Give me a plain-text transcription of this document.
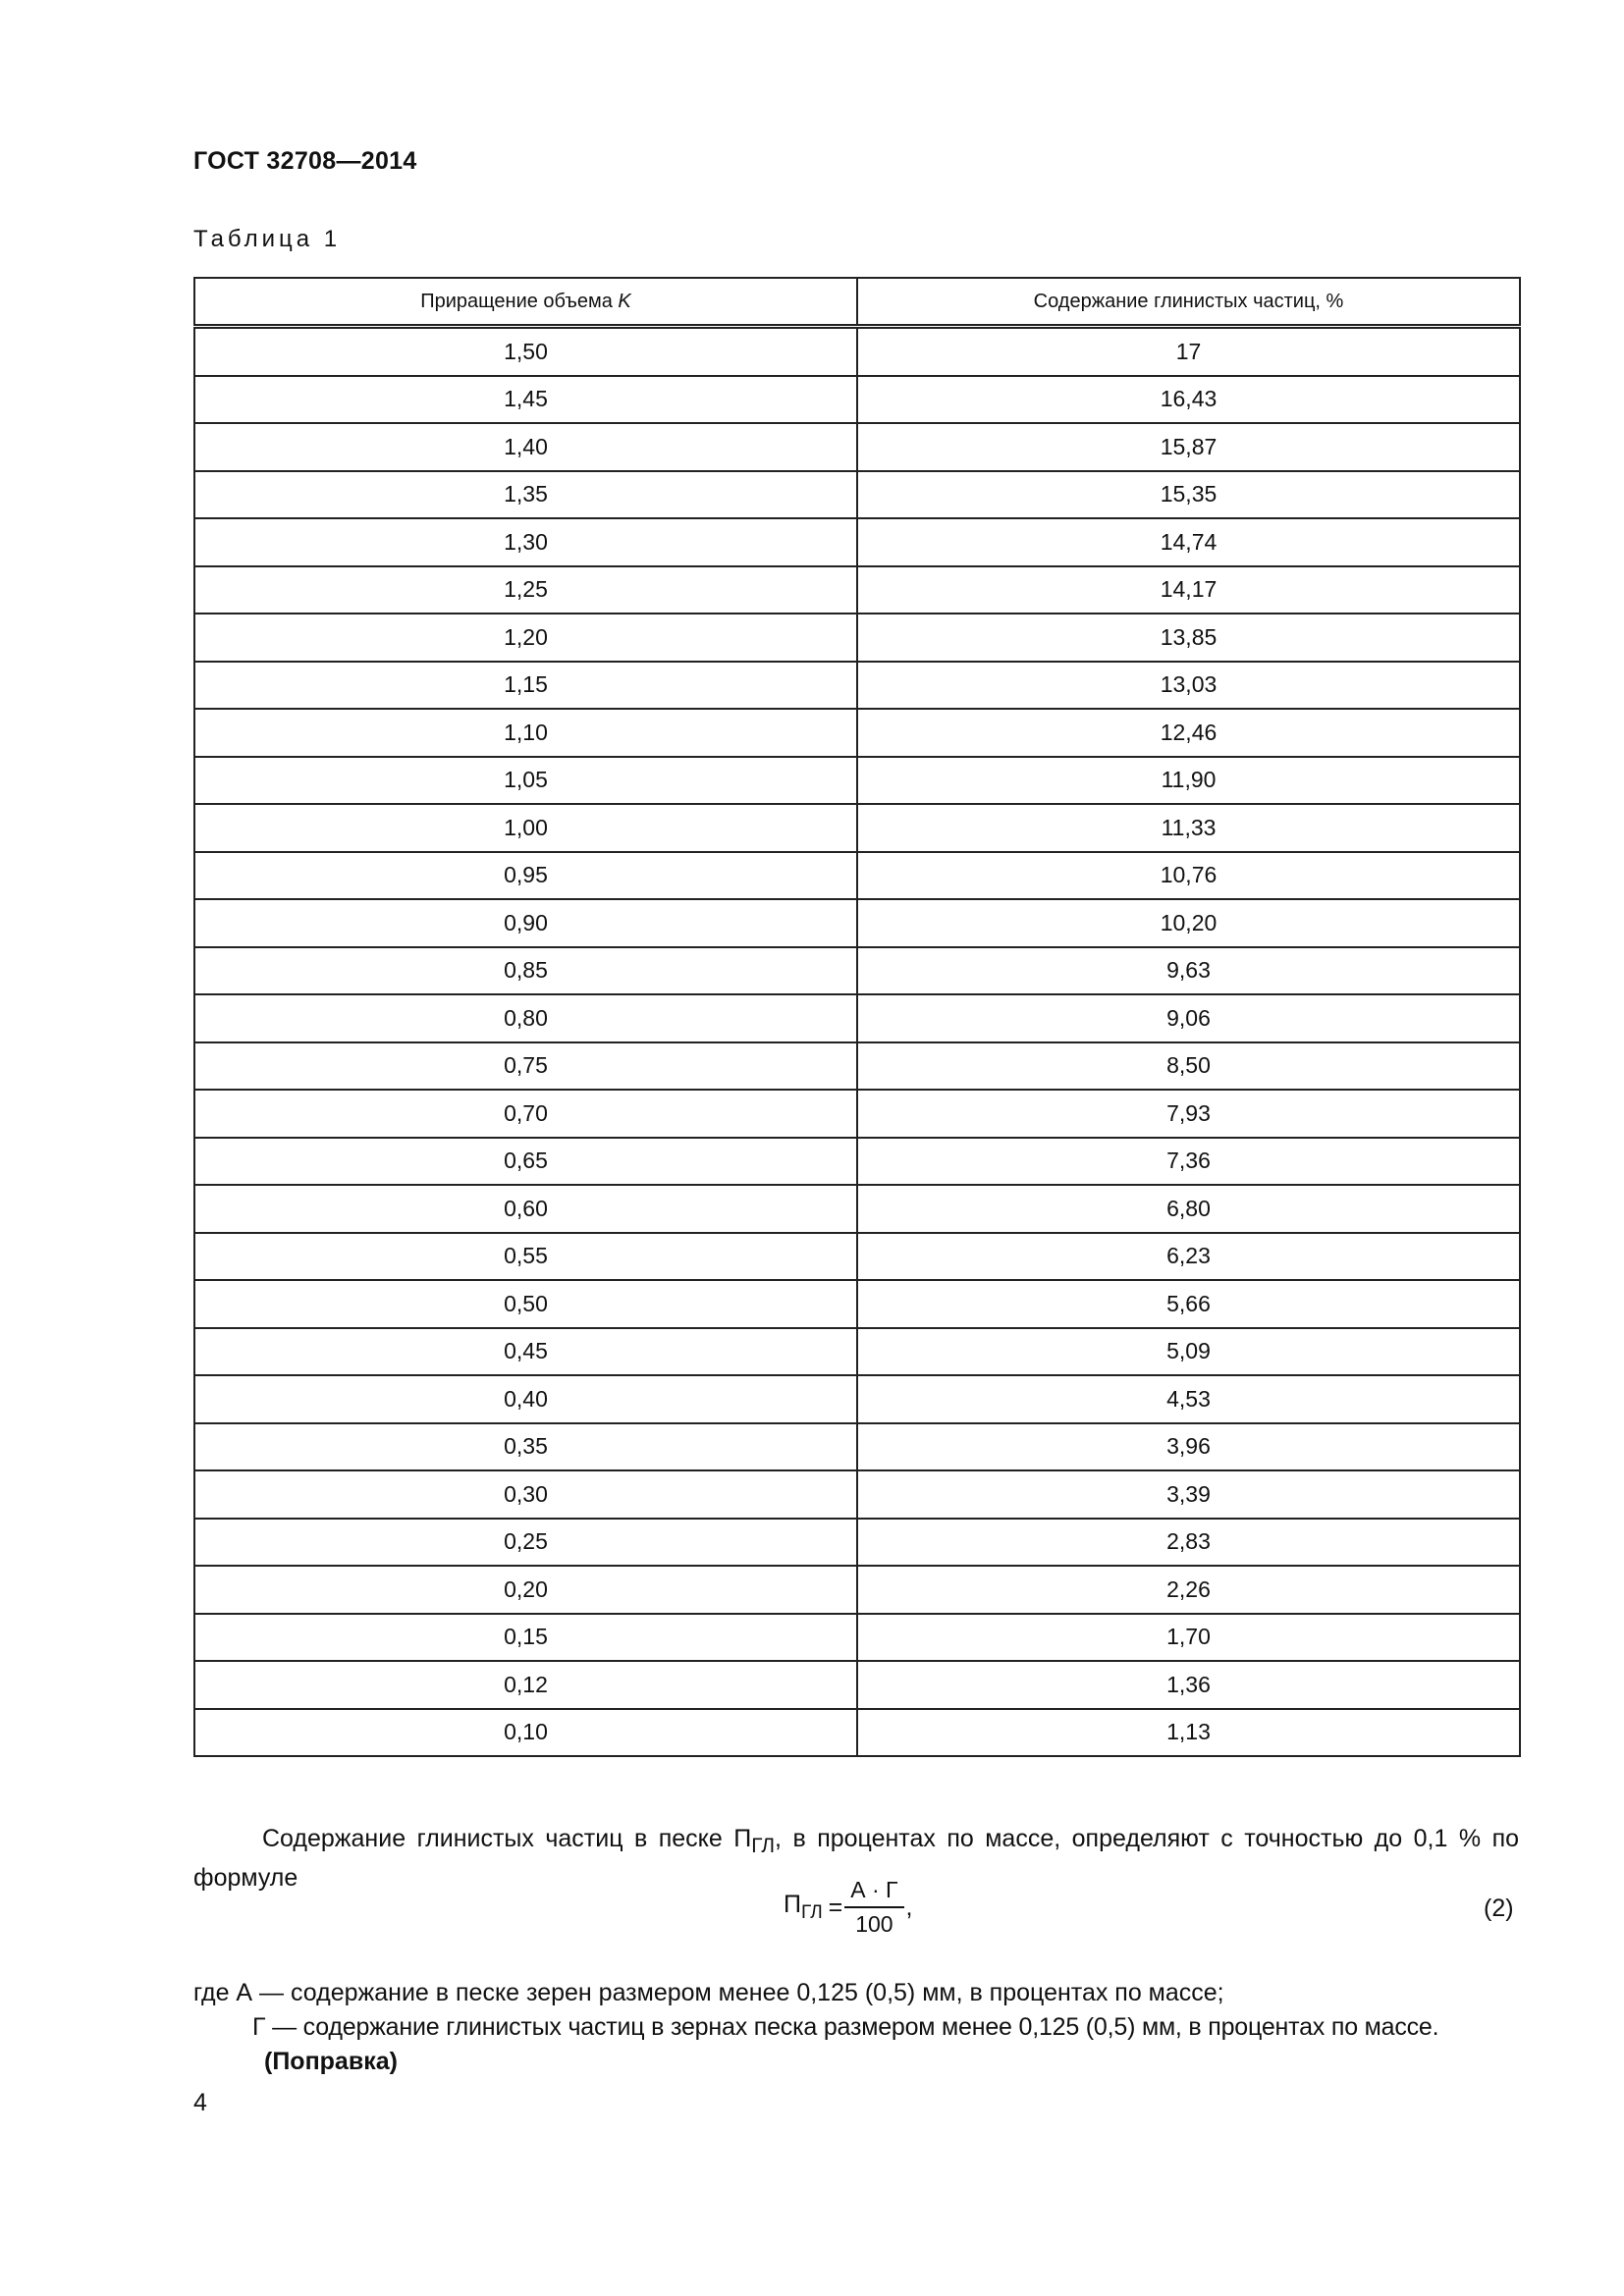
ГОСТ 32708—2014
Таблица 1
Приращение объема K	Содержание глинистых частиц, %
1,50	17
1,45	16,43
1,40	15,87
1,35	15,35
1,30	14,74
1,25	14,17
1,20	13,85
1,15	13,03
1,10	12,46
1,05	11,90
1,00	11,33
0,95	10,76
0,90	10,20
0,85	9,63
0,80	9,06
0,75	8,50
0,70	7,93
0,65	7,36
0,60	6,80
0,55	6,23
0,50	5,66
0,45	5,09
0,40	4,53
0,35	3,96
0,30	3,39
0,25	2,83
0,20	2,26
0,15	1,70
0,12	1,36
0,10	1,13
Содержание глинистых частиц в песке $П_{ГЛ}$, в процентах по массе, определяют с точностью до 0,1 % по формуле
$П_{ГЛ} = \frac{А \cdot Г}{100}$ ,	(2)
где А — содержание в песке зерен размером менее 0,125 (0,5) мм, в процентах по массе;
Г — содержание глинистых частиц в зернах песка размером менее 0,125 (0,5) мм, в процентах по массе.
(Поправка)
4
